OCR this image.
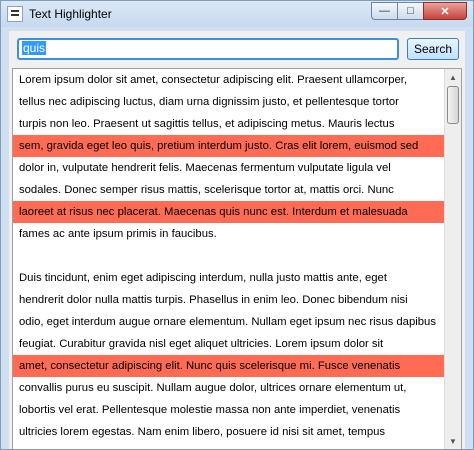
Text Highlighter	— □ ✕
quis	Search
Lorem ipsum dolor sit amet, consectetur adipiscing elit. Praesent ullamcorper,
tellus nec adipiscing luctus, diam urna dignissim justo, et pellentesque tortor
turpis non leo. Praesent ut sagittis tellus, et adipiscing metus. Mauris lectus
sem, gravida eget leo quis, pretium interdum justo. Cras elit lorem, euismod sed
dolor in, vulputate hendrerit felis. Maecenas fermentum vulputate ligula vel
sodales. Donec semper risus mattis, scelerisque tortor at, mattis orci. Nunc
laoreet at risus nec placerat. Maecenas quis nunc est. Interdum et malesuada
fames ac ante ipsum primis in faucibus.
Duis tincidunt, enim eget adipiscing interdum, nulla justo mattis ante, eget
hendrerit dolor nulla mattis turpis. Phasellus in enim leo. Donec bibendum nisi
odio, eget interdum augue ornare elementum. Nullam eget ipsum nec risus dapibus
feugiat. Curabitur gravida nisl eget aliquet ultricies. Lorem ipsum dolor sit
amet, consectetur adipiscing elit. Nunc quis scelerisque mi. Fusce venenatis
convallis purus eu suscipit. Nullam augue dolor, ultrices ornare elementum ut,
lobortis vel erat. Pellentesque molestie massa non ante imperdiet, venenatis
ultricies lorem egestas. Nam enim libero, posuere id nisi sit amet, tempus
▲
▼
